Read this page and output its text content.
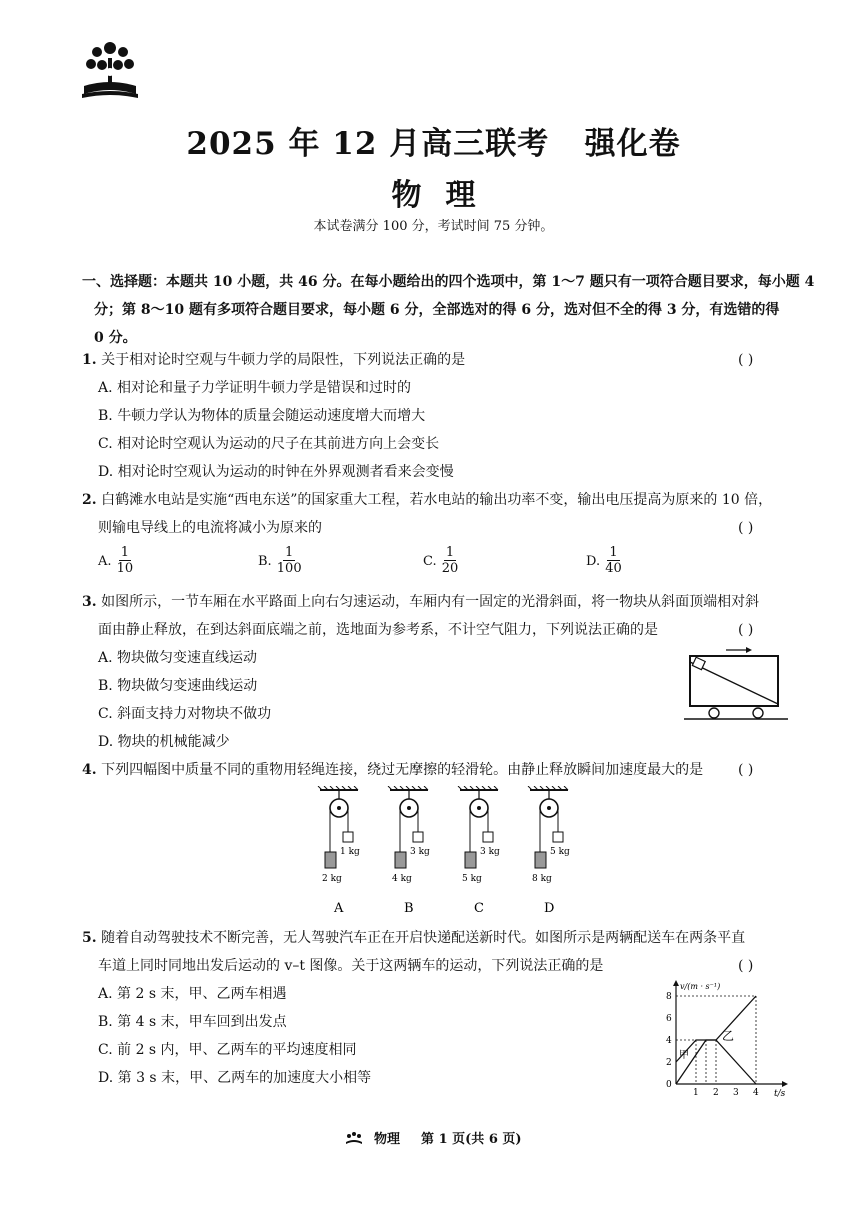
2025 年 12 月高三联考   强化卷
物理
本试卷满分 100 分，考试时间 75 分钟。
一、选择题：本题共 10 小题，共 46 分。在每小题给出的四个选项中，第 1～7 题只有一项符合题目要求，每小题 4
分；第 8～10 题有多项符合题目要求，每小题 6 分，全部选对的得 6 分，选对但不全的得 3 分，有选错的得
0 分。
1. 关于相对论时空观与牛顿力学的局限性，下列说法正确的是	( )
A. 相对论和量子力学证明牛顿力学是错误和过时的
B. 牛顿力学认为物体的质量会随运动速度增大而增大
C. 相对论时空观认为运动的尺子在其前进方向上会变长
D. 相对论时空观认为运动的时钟在外界观测者看来会变慢
2. 白鹤滩水电站是实施“西电东送”的国家重大工程，若水电站的输出功率不变，输出电压提高为原来的 10 倍，
则输电导线上的电流将减小为原来的	( )
A. $\frac{1}{10}$	B. $\frac{1}{100}$	C. $\frac{1}{20}$	D. $\frac{1}{40}$
3. 如图所示，一节车厢在水平路面上向右匀速运动，车厢内有一固定的光滑斜面，将一物块从斜面顶端相对斜
面由静止释放，在到达斜面底端之前，选地面为参考系，不计空气阻力，下列说法正确的是	( )
A. 物块做匀变速直线运动
B. 物块做匀变速曲线运动
C. 斜面支持力对物块不做功
D. 物块的机械能减少
4. 下列四幅图中质量不同的重物用轻绳连接，绕过无摩擦的轻滑轮。由静止释放瞬间加速度最大的是 ( )
1 kg
2 kg
A
3 kg
4 kg
B
3 kg
5 kg
C
5 kg
8 kg
D
5. 随着自动驾驶技术不断完善，无人驾驶汽车正在开启快递配送新时代。如图所示是两辆配送车在两条平直
车道上同时同地出发后运动的 v–t 图像。关于这两辆车的运动，下列说法正确的是	( )
A. 第 2 s 末，甲、乙两车相遇
B. 第 4 s 末，甲车回到出发点
C. 前 2 s 内，甲、乙两车的平均速度相同
D. 第 3 s 末，甲、乙两车的加速度大小相等
v/(m · s⁻¹)
t/s
1 2 3 4
0
2
4
6
8
甲
乙
物理 第 1 页(共 6 页)
